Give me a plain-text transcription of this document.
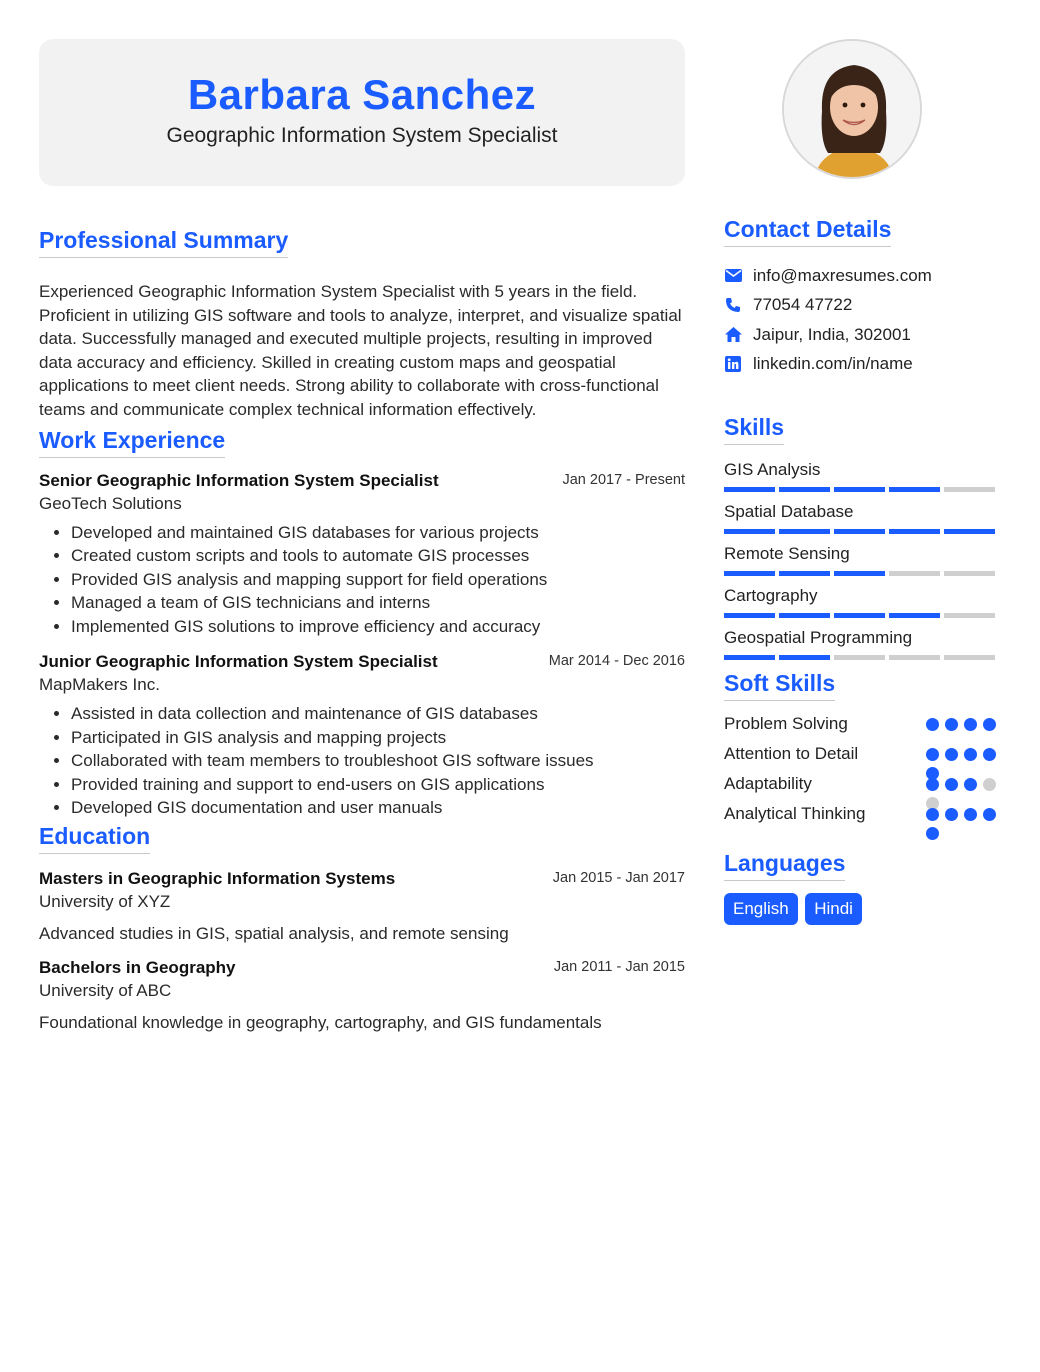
Barbara Sanchez
Geographic Information System Specialist
Professional Summary

Experienced Geographic Information System Specialist with 5 years in the field. Proficient in utilizing GIS software and tools to analyze, interpret, and visualize spatial data. Successfully managed and executed multiple projects, resulting in improved data accuracy and efficiency. Skilled in creating custom maps and geospatial applications to meet client needs. Strong ability to collaborate with cross-functional teams and communicate complex technical information effectively.

Work Experience
Senior Geographic Information System Specialist	Jan 2017 - Present
GeoTech Solutions
• Developed and maintained GIS databases for various projects
• Created custom scripts and tools to automate GIS processes
• Provided GIS analysis and mapping support for field operations
• Managed a team of GIS technicians and interns
• Implemented GIS solutions to improve efficiency and accuracy
Junior Geographic Information System Specialist	Mar 2014 - Dec 2016
MapMakers Inc.
• Assisted in data collection and maintenance of GIS databases
• Participated in GIS analysis and mapping projects
• Collaborated with team members to troubleshoot GIS software issues
• Provided training and support to end-users on GIS applications
• Developed GIS documentation and user manuals
Education
Masters in Geographic Information Systems	Jan 2015 - Jan 2017
University of XYZ
Advanced studies in GIS, spatial analysis, and remote sensing
Bachelors in Geography	Jan 2011 - Jan 2015
University of ABC
Foundational knowledge in geography, cartography, and GIS fundamentals
Contact Details
info@maxresumes.com
77054 47722
Jaipur, India, 302001
linkedin.com/in/name
Skills
GIS Analysis
Spatial Database
Remote Sensing
Cartography
Geospatial Programming
Soft Skills
Problem Solving
Attention to Detail
Adaptability
Analytical Thinking
Languages
English Hindi
